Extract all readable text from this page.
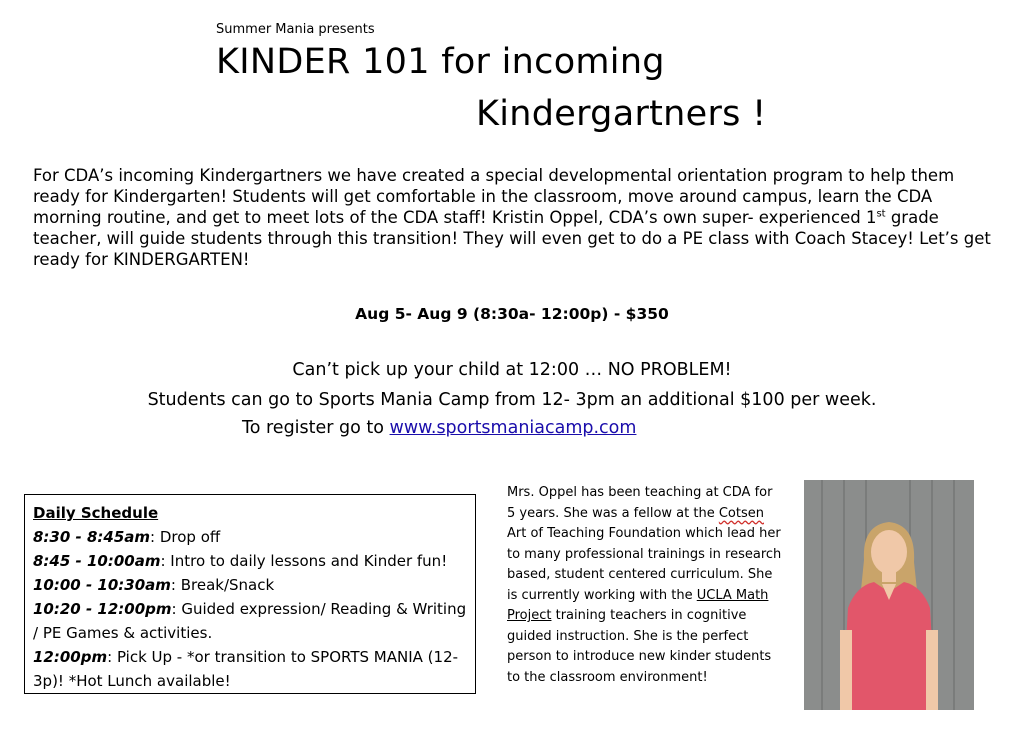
Summer Mania presents
KINDER 101 for incoming
Kindergartners !

For CDA’s incoming Kindergartners we have created a special developmental orientation program to help them ready for Kindergarten! Students will get comfortable in the classroom, move around campus, learn the CDA morning routine, and get to meet lots of the CDA staff! Kristin Oppel, CDA’s own super- experienced 1st grade teacher, will guide students through this transition! They will even get to do a PE class with Coach Stacey! Let’s get ready for KINDERGARTEN!

Aug 5- Aug 9 (8:30a- 12:00p) - $350
Can’t pick up your child at 12:00 … NO PROBLEM!
Students can go to Sports Mania Camp from 12- 3pm an additional $100 per week.
To register go to www.sportsmaniacamp.com
Daily Schedule
8:30 - 8:45am: Drop off
8:45 - 10:00am: Intro to daily lessons and Kinder fun!
10:00 - 10:30am: Break/Snack
10:20 - 12:00pm: Guided expression/ Reading & Writing / PE Games & activities.
12:00pm: Pick Up - *or transition to SPORTS MANIA (12-3p)! *Hot Lunch available!

Mrs. Oppel has been teaching at CDA for 5 years. She was a fellow at the Cotsen Art of Teaching Foundation which lead her to many professional trainings in research based, student centered curriculum. She is currently working with the UCLA Math Project training teachers in cognitive guided instruction. She is the perfect person to introduce new kinder students to the classroom environment!
